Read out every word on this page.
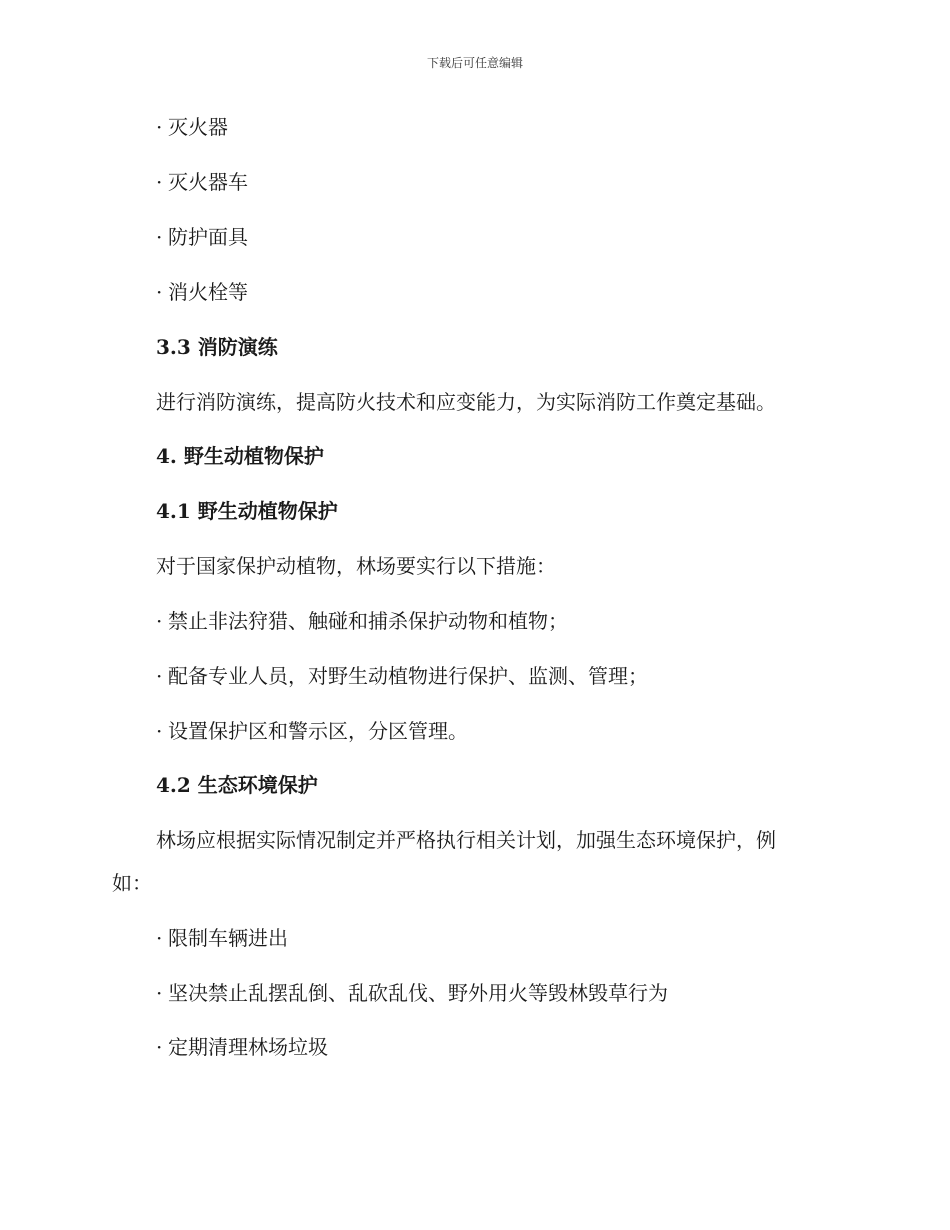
下载后可任意编辑
· 灭火器
· 灭火器车
· 防护面具
· 消火栓等
3.3 消防演练
进行消防演练，提高防火技术和应变能力，为实际消防工作奠定基础。
4. 野生动植物保护
4.1 野生动植物保护
对于国家保护动植物，林场要实行以下措施：
· 禁止非法狩猎、触碰和捕杀保护动物和植物；
· 配备专业人员，对野生动植物进行保护、监测、管理；
· 设置保护区和警示区，分区管理。
4.2 生态环境保护
林场应根据实际情况制定并严格执行相关计划，加强生态环境保护，例
如：
· 限制车辆进出
· 坚决禁止乱摆乱倒、乱砍乱伐、野外用火等毁林毁草行为
· 定期清理林场垃圾
